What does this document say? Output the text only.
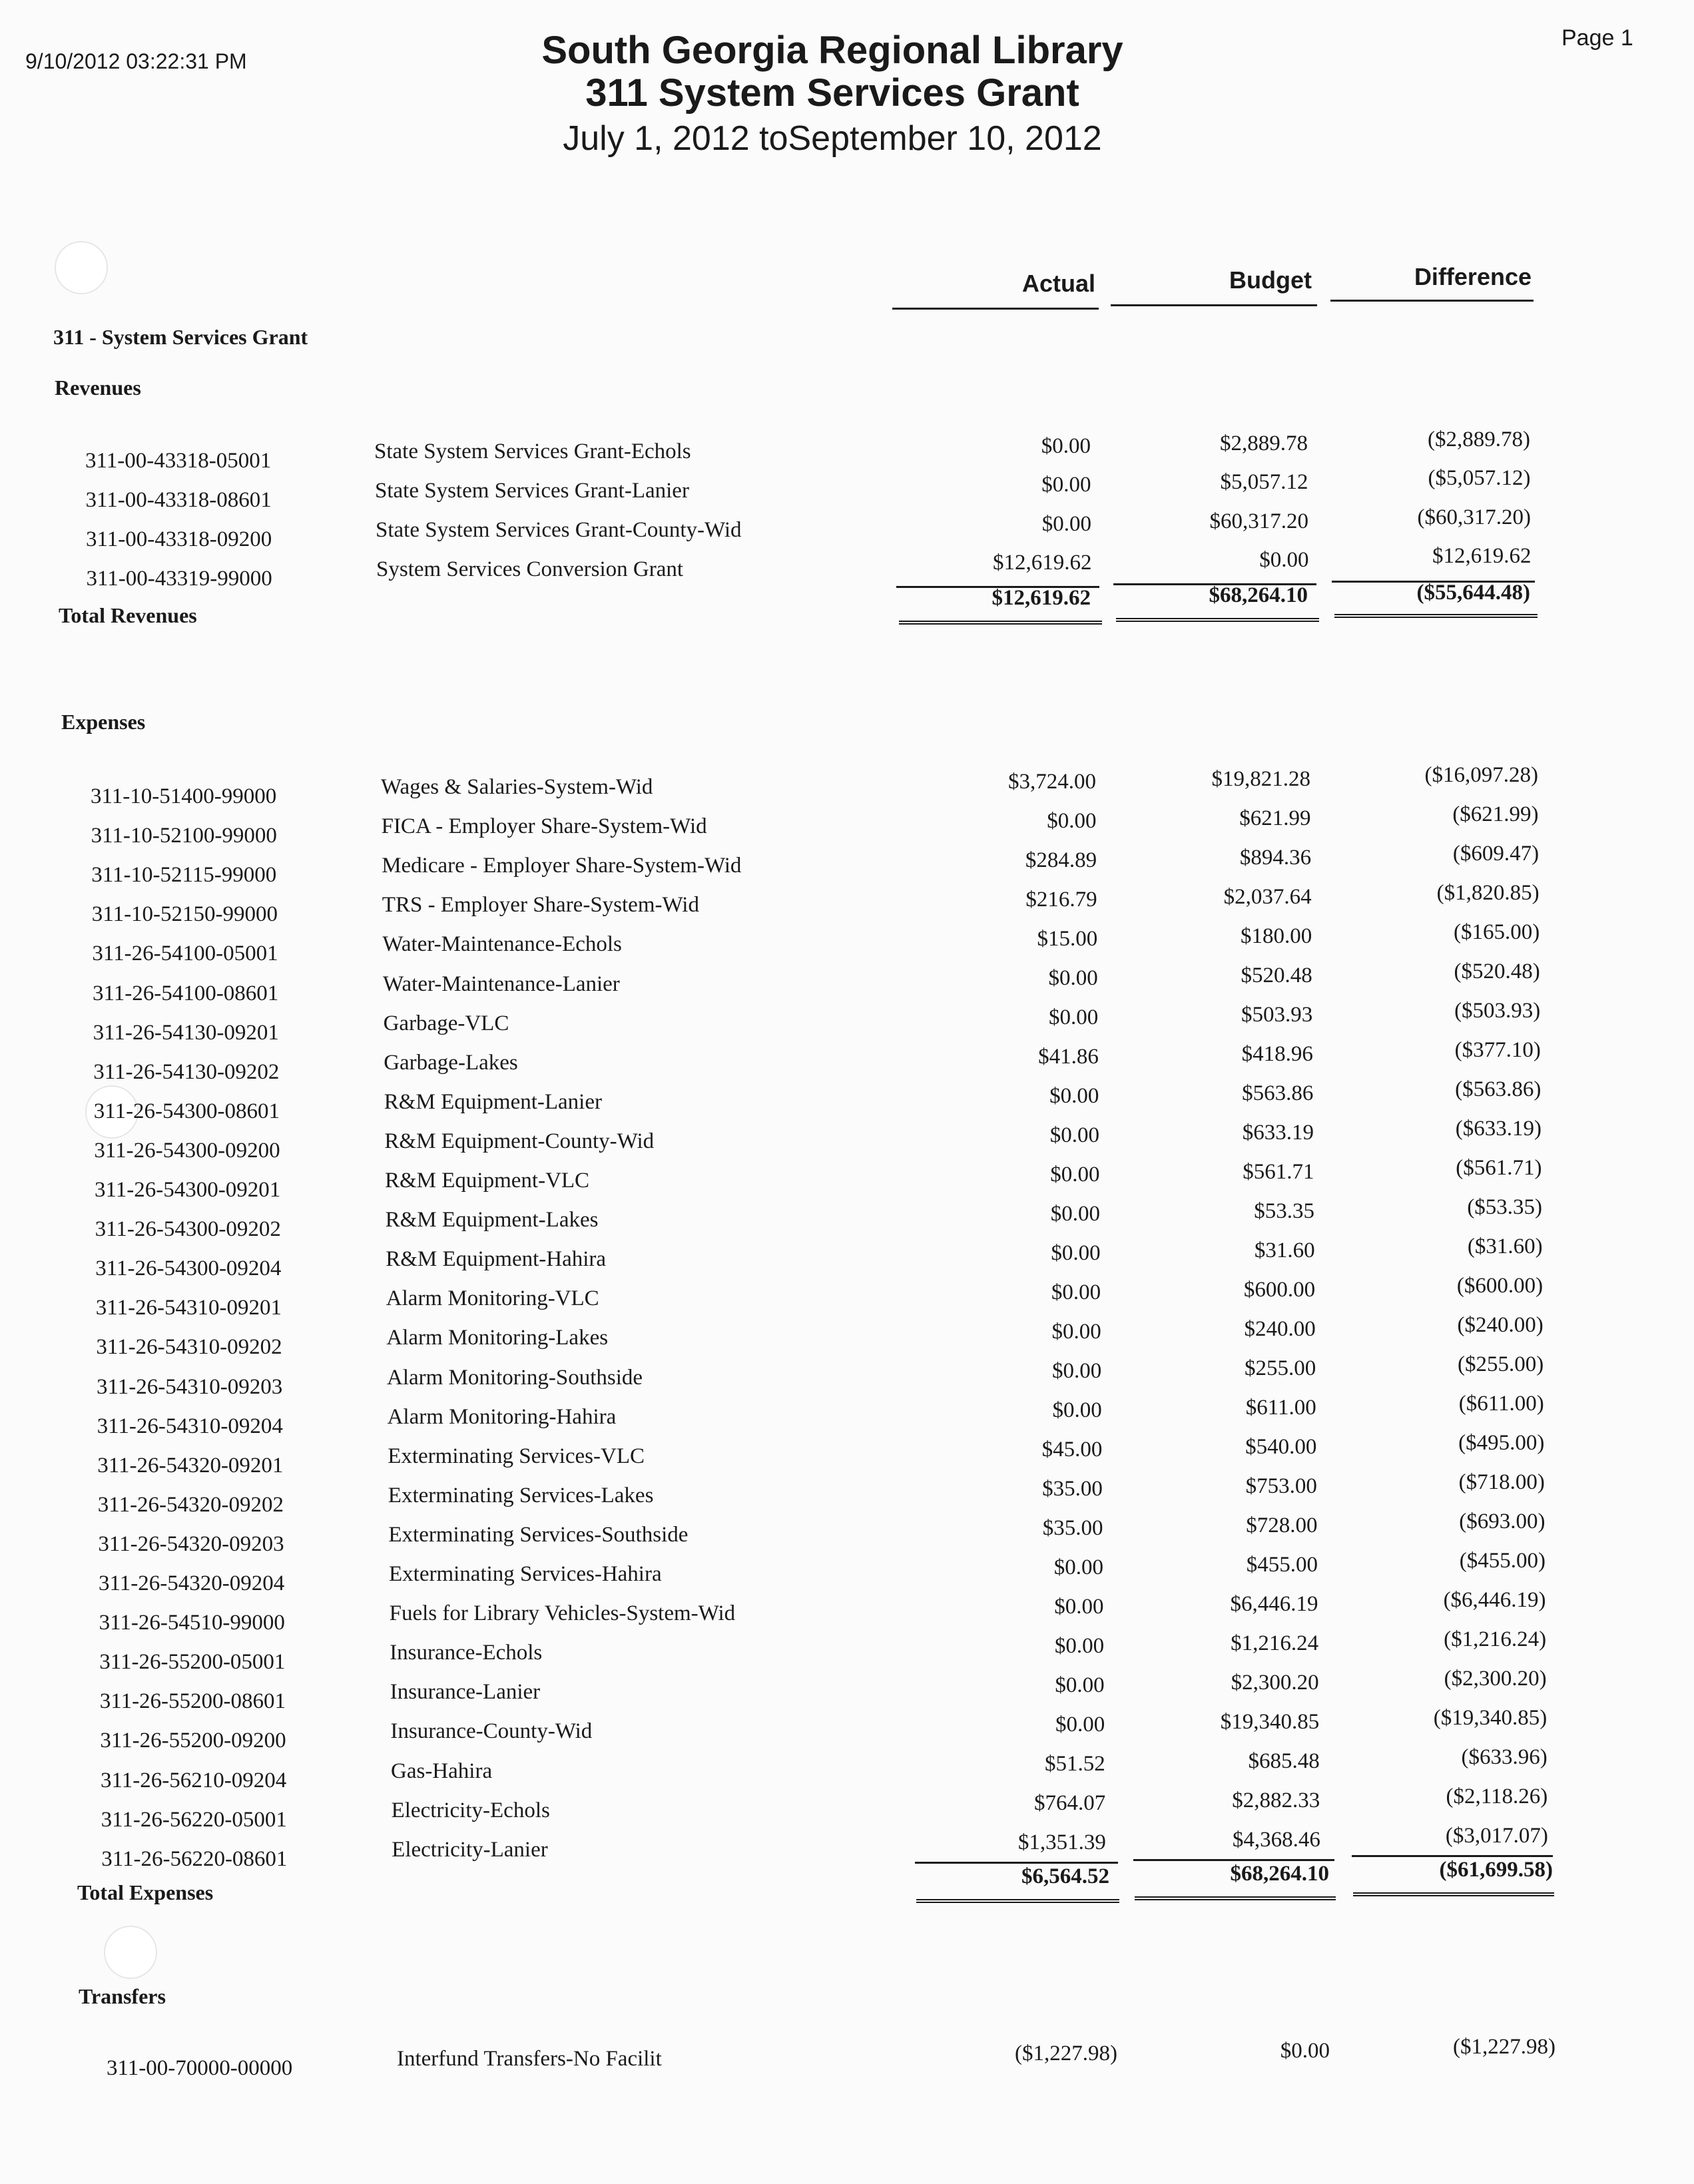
9/10/2012 03:22:31 PM
Page 1
South Georgia Regional Library
311 System Services Grant
July 1, 2012 toSeptember 10, 2012
Actual	Budget	Difference
311 - System Services Grant
Revenues
311-00-43318-05001	State System Services Grant-Echols	$0.00	$2,889.78	($2,889.78)
311-00-43318-08601	State System Services Grant-Lanier	$0.00	$5,057.12	($5,057.12)
311-00-43318-09200	State System Services Grant-County-Wid	$0.00	$60,317.20	($60,317.20)
311-00-43319-99000	System Services Conversion Grant	$12,619.62	$0.00	$12,619.62
Total Revenues
$12,619.62	$68,264.10	($55,644.48)
Expenses
311-10-51400-99000	Wages & Salaries-System-Wid	$3,724.00	$19,821.28	($16,097.28)
311-10-52100-99000	FICA - Employer Share-System-Wid	$0.00	$621.99	($621.99)
311-10-52115-99000	Medicare - Employer Share-System-Wid	$284.89	$894.36	($609.47)
311-10-52150-99000	TRS - Employer Share-System-Wid	$216.79	$2,037.64	($1,820.85)
311-26-54100-05001	Water-Maintenance-Echols	$15.00	$180.00	($165.00)
311-26-54100-08601	Water-Maintenance-Lanier	$0.00	$520.48	($520.48)
311-26-54130-09201	Garbage-VLC	$0.00	$503.93	($503.93)
311-26-54130-09202	Garbage-Lakes	$41.86	$418.96	($377.10)
311-26-54300-08601	R&M Equipment-Lanier	$0.00	$563.86	($563.86)
311-26-54300-09200	R&M Equipment-County-Wid	$0.00	$633.19	($633.19)
311-26-54300-09201	R&M Equipment-VLC	$0.00	$561.71	($561.71)
311-26-54300-09202	R&M Equipment-Lakes	$0.00	$53.35	($53.35)
311-26-54300-09204	R&M Equipment-Hahira	$0.00	$31.60	($31.60)
311-26-54310-09201	Alarm Monitoring-VLC	$0.00	$600.00	($600.00)
311-26-54310-09202	Alarm Monitoring-Lakes	$0.00	$240.00	($240.00)
311-26-54310-09203	Alarm Monitoring-Southside	$0.00	$255.00	($255.00)
311-26-54310-09204	Alarm Monitoring-Hahira	$0.00	$611.00	($611.00)
311-26-54320-09201	Exterminating Services-VLC	$45.00	$540.00	($495.00)
311-26-54320-09202	Exterminating Services-Lakes	$35.00	$753.00	($718.00)
311-26-54320-09203	Exterminating Services-Southside	$35.00	$728.00	($693.00)
311-26-54320-09204	Exterminating Services-Hahira	$0.00	$455.00	($455.00)
311-26-54510-99000	Fuels for Library Vehicles-System-Wid	$0.00	$6,446.19	($6,446.19)
311-26-55200-05001	Insurance-Echols	$0.00	$1,216.24	($1,216.24)
311-26-55200-08601	Insurance-Lanier	$0.00	$2,300.20	($2,300.20)
311-26-55200-09200	Insurance-County-Wid	$0.00	$19,340.85	($19,340.85)
311-26-56210-09204	Gas-Hahira	$51.52	$685.48	($633.96)
311-26-56220-05001	Electricity-Echols	$764.07	$2,882.33	($2,118.26)
311-26-56220-08601	Electricity-Lanier	$1,351.39	$4,368.46	($3,017.07)
Total Expenses
$6,564.52	$68,264.10	($61,699.58)
Transfers
311-00-70000-00000	Interfund Transfers-No Facilit	($1,227.98)	$0.00	($1,227.98)
